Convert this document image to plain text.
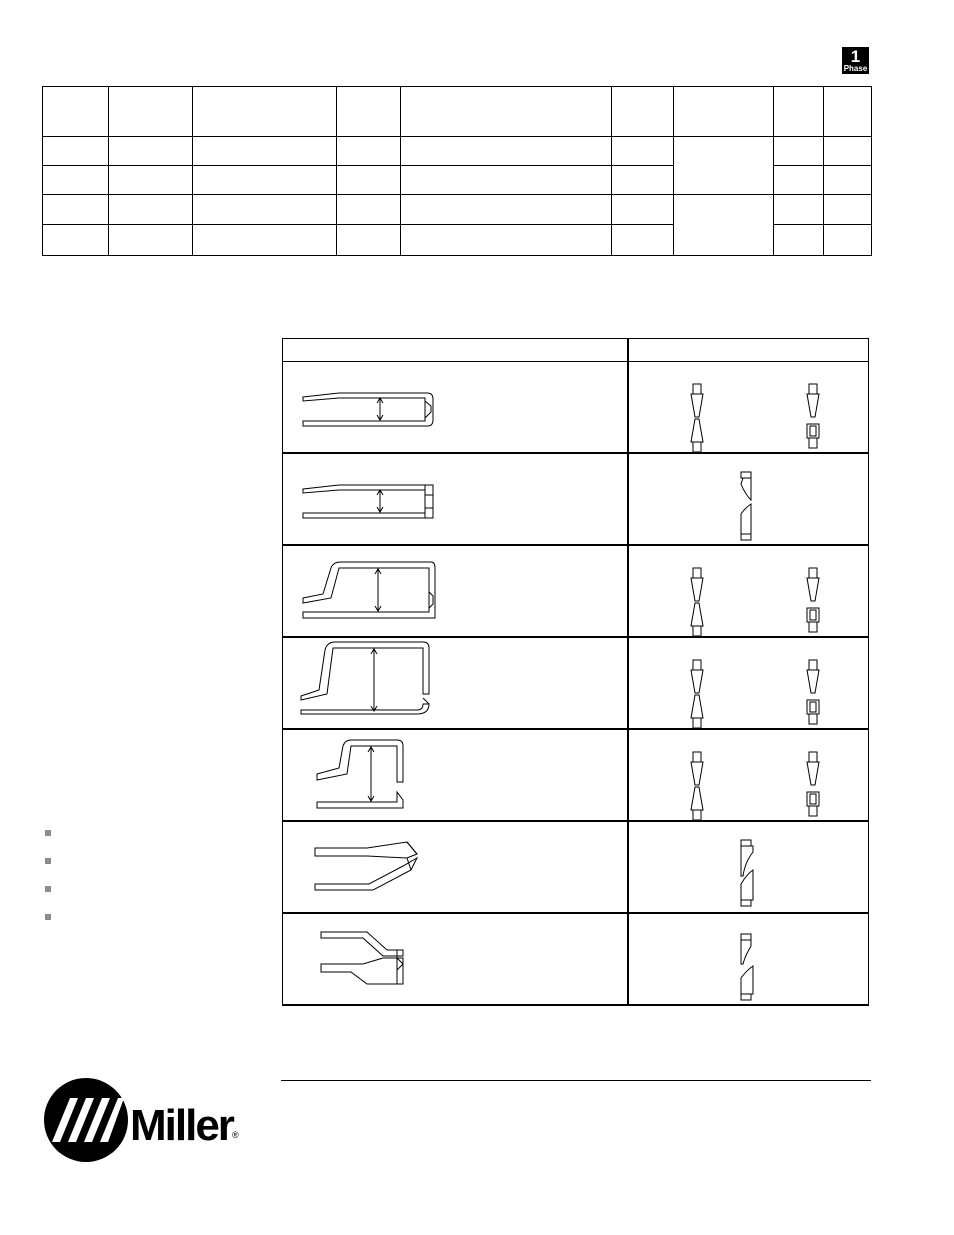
1
Phase

Miller ®
